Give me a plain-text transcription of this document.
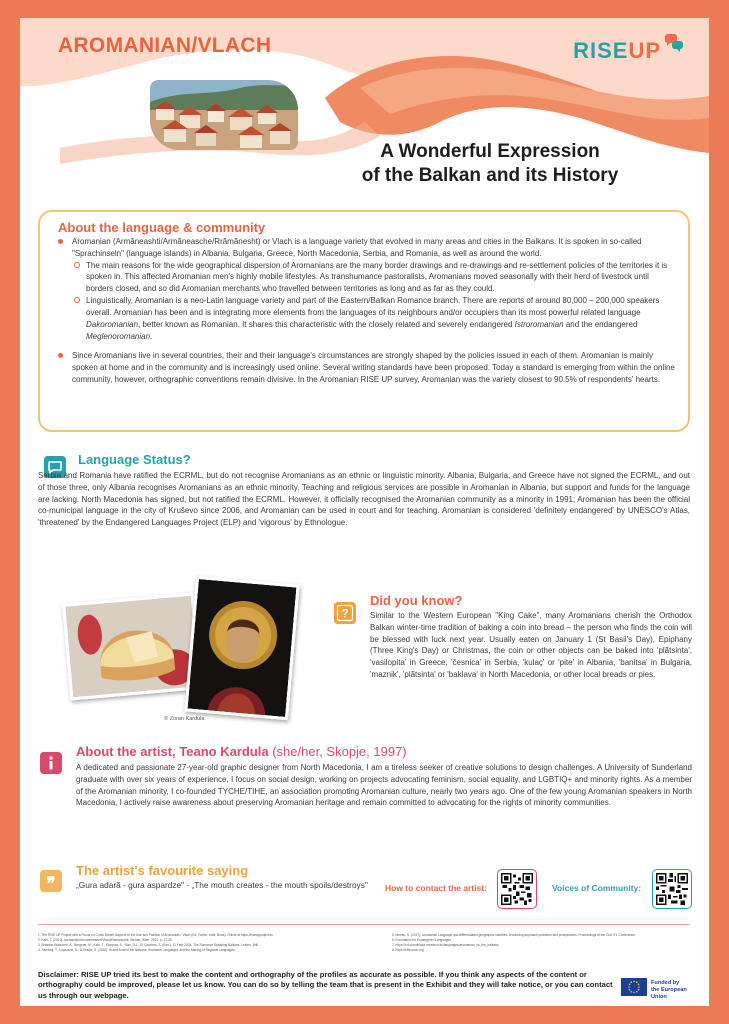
AROMANIAN/VLACH	RISEUP
A Wonderful Expression
of the Balkan and its History
About the language & community

Aromanian (Armãneashti/Armãneasche/Rrãmãnesht) or Vlach is a language variety that evolved in many areas and cities in the Balkans. It is spoken in so-called "Sprachinseln" (language islands) in Albania, Bulgaria, Greece, North Macedonia, Serbia, and Romania, as well as around the world.

The main reasons for the wide geographical dispersion of Aromanians are the many border drawings and re-drawings and re-settlement policies of the territories it is spoken in. This affected Aromanian men's highly mobile lifestyles. As transhumance pastoralists, Aromanians moved seasonally with their herd of livestock until borders closed, and so did Aromanian merchants who travelled between territories as long and as far as they could.

Linguistically, Aromanian is a neo-Latin language variety and part of the Eastern/Balkan Romance branch. There are reports of around 80,000 – 200,000 speakers overall. Aromanian has been and is integrating more elements from the languages of its neighbours and/or occupiers than its most powerful related language Dakoromanian, better known as Romanian. It shares this characteristic with the closely related and severely endangered Istroromanian and the endangered Meglenoromanian.

Since Aromanians live in several countries, their and their language's circumstances are strongly shaped by the policies issued in each of them. Aromanian is mainly spoken at home and in the community and is increasingly used online. Several writing standards have been proposed. Today a standard is emerging from within the online community, however, orthographic conventions remain divisive. In the Aromanian RISE UP survey, Aromanian was the variety closest to 90.5% of respondents' hearts.

Language Status?

Serbia and Romania have ratified the ECRML, but do not recognise Aromanians as an ethnic or linguistic minority. Albania, Bulgaria, and Greece have not signed the ECRML, and out of those three, only Albania recognises Aromanians as an ethnic minority. Teaching and religious services are possible in Aromanian in Albania, but support and funds for the language are lacking. North Macedonia has signed, but not ratified the ECRML. However, it officially recognised the Aromanian community as a minority in 1991; Aromanian has been the official co-municipal language in the city of Kruševo since 2006, and Aromanian can be used in court and for teaching. Aromanian is considered 'definitely endangered' by UNESCO's Atlas, 'threatened' by the Endangered Languages Project (ELP) and 'vigorous' by Ethnologue.

© Zoran Kardula
?
Did you know?

Similar to the Western European "King Cake", many Aromanians cherish the Orthodox Balkan winter-time tradition of baking a coin into bread – the person who finds the coin will be blessed with luck next year. Usually eaten on January 1 (St Basil's Day), Epiphany (Three King's Day) or Christmas, the coin or other objects can be baked into 'plãtsinta', 'vasilopita' in Greece, 'česnica' in Serbia, 'kulaç' or 'pite' in Albania, 'banitsa' in Bulgaria, 'maznik', 'plãtsinta' or 'baklava' in North Macedonia, or other local breads or pies.

About the artist, Teano Kardula (she/her, Skopje, 1997)

A dedicated and passionate 27-year-old graphic designer from North Macedonia, I am a tireless seeker of creative solutions to design challenges. A University of Sunderland graduate with over six years of experience, I focus on social design, working on projects advocating feminism, social equality, and LGBTIQ+ and minority rights. As a member of the Aromanian minority, I co-founded TYCHE/TIHE, an association promoting Aromanian culture, nearly two years ago. One of the few young Aromanian speakers in North Macedonia, I actively raise awareness about preserving Aromanian heritage and remain committed to advocating for the rights of minority communities.

❞
The artist's favourite saying

„Gura adarã - gura aspardze" - „The mouth creates - the mouth spoils/destroys"	How to contact the artist:	Voices of Community:
1. The RISE UP Project with a Focus on Cross Border Aspects of the Use and Position of Aromanian / Vlach (Ed. Turner, Kahl, Bona). Online at https://riseupproject.eu
2. Kahl, T. (2021). Aromanian/Armanneasheti/Vlach/Ramaneshti. Werner, Wien. 2021; p. 27-39.
3. Bratosin-Wachtern, A., Bergerer, M., Kahl, T., Kloppow, S., Sian, D.L., El Caidomo, S. (Eds.). 11 Febr 2024. The Romance Speaking Balkans. Leiden, Brill.
4. Sandarji, T., Lopezeno, N., & Gradic, S. (2022). In and Around the Balkans: Romance Languages and the Making of Regional Languages.
5. Meneu, S. (2017). Aromanian Language and differentiated geographic varieties: A teaching approach problems and prospectives. Proceedings of the 21st ITL Conference.
6. Foundation for Endangered Languages
7. https://rvf.coordinator.research.eu/languages/aromanian_vs_the_balkans
8. https://ethnocon.org

Disclaimer: RISE UP tried its best to make the content and orthography of the profiles as accurate as possible. If you think any aspects of the content or orthography could be improved, please let us know. You can do so by telling the team that is present in the Exhibit and they will take notice, or you can contact us through our webpage.

Funded by
the European Union
